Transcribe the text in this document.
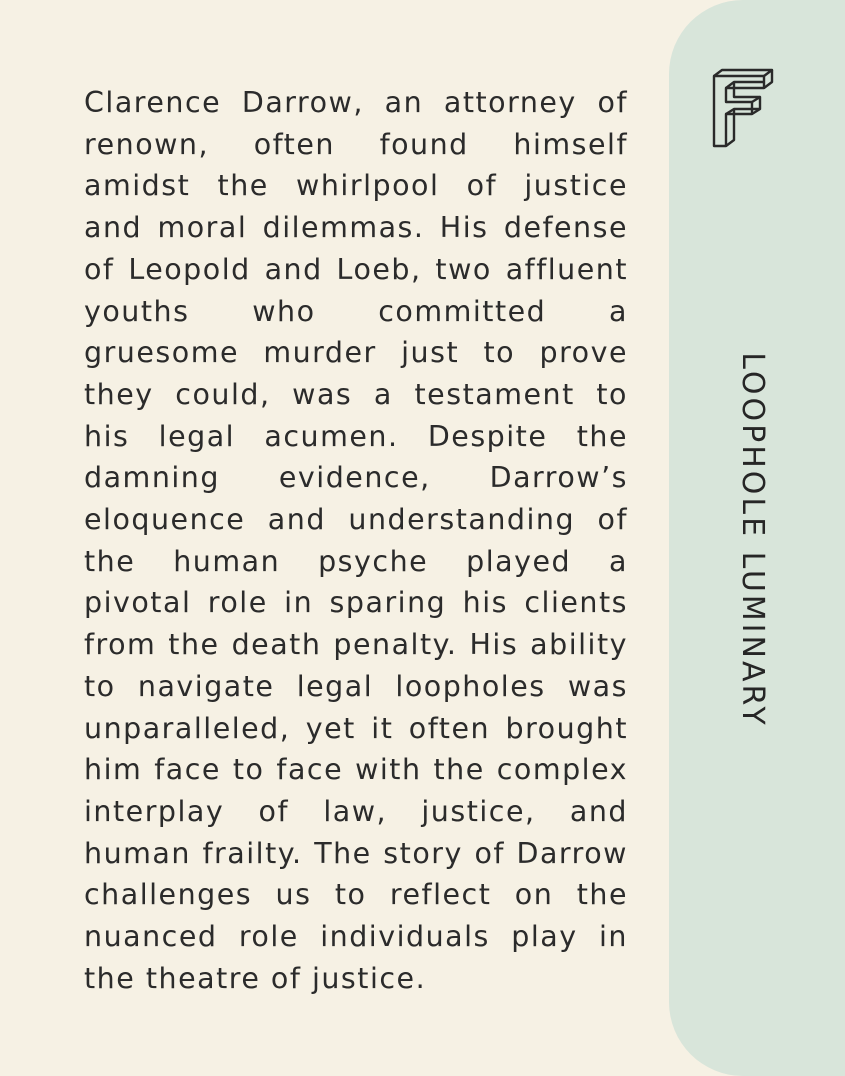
Clarence Darrow, an attorney of renown, often found himself amidst the whirlpool of justice and moral dilemmas. His defense of Leopold and Loeb, two affluent youths who committed a gruesome murder just to prove they could, was a testament to his legal acumen. Despite the damning evidence, Darrow’s eloquence and understanding of the human psyche played a pivotal role in sparing his clients from the death penalty. His ability to navigate legal loopholes was unparalleled, yet it often brought him face to face with the complex interplay of law, justice, and human frailty. The story of Darrow challenges us to reflect on the nuanced role individuals play in the theatre of justice.

LOOPHOLE LUMINARY
